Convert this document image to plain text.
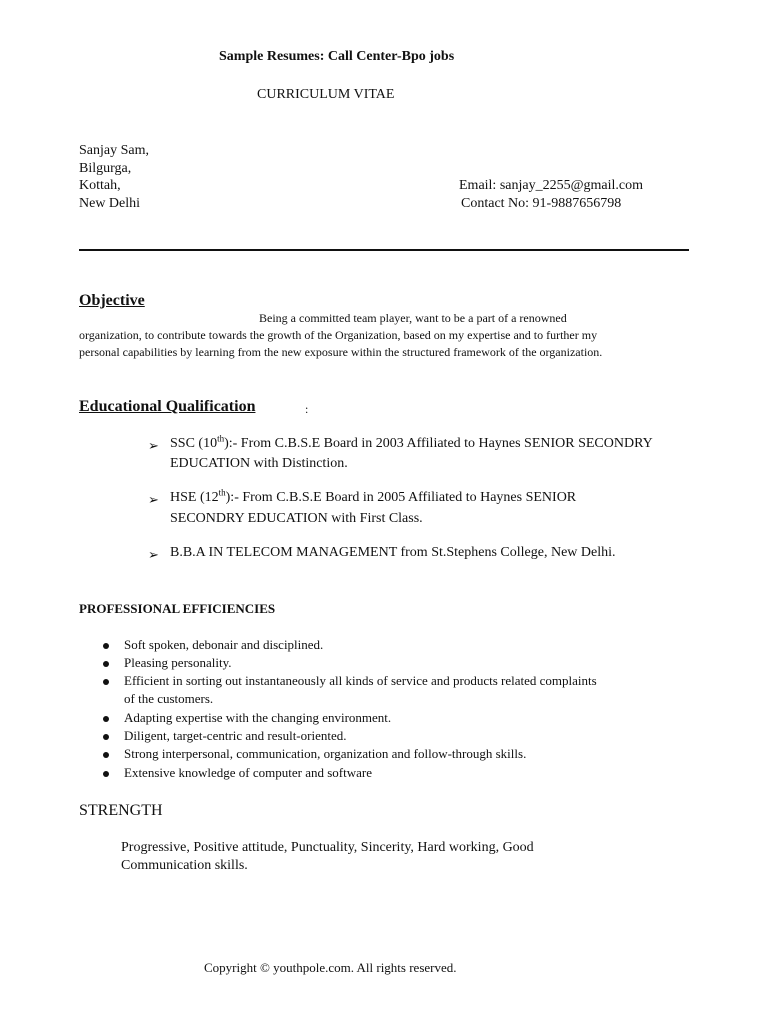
Sample Resumes: Call Center-Bpo jobs
CURRICULUM VITAE
Sanjay Sam,
Bilgurga,
Kottah,
New Delhi
Email: sanjay_2255@gmail.com
Contact No: 91-9887656798
Objective
Being a committed team player, want to be a part of a renowned
organization, to contribute towards the growth of the Organization, based on my expertise and to further my
personal capabilities by learning from the new exposure within the structured framework of the organization.
Educational Qualification	:
➢ SSC (10th):- From C.B.S.E Board in 2003 Affiliated to Haynes SENIOR SECONDRY
EDUCATION with Distinction.
➢ HSE (12th):- From C.B.S.E Board in 2005 Affiliated to Haynes SENIOR
SECONDRY EDUCATION with First Class.
➢ B.B.A IN TELECOM MANAGEMENT from St.Stephens College, New Delhi.
PROFESSIONAL EFFICIENCIES
Soft spoken, debonair and disciplined.
Pleasing personality.
Efficient in sorting out instantaneously all kinds of service and products related complaints
of the customers.
Adapting expertise with the changing environment.
Diligent, target-centric and result-oriented.
Strong interpersonal, communication, organization and follow-through skills.
Extensive knowledge of computer and software
STRENGTH
Progressive, Positive attitude, Punctuality, Sincerity, Hard working, Good
Communication skills.
Copyright © youthpole.com. All rights reserved.
